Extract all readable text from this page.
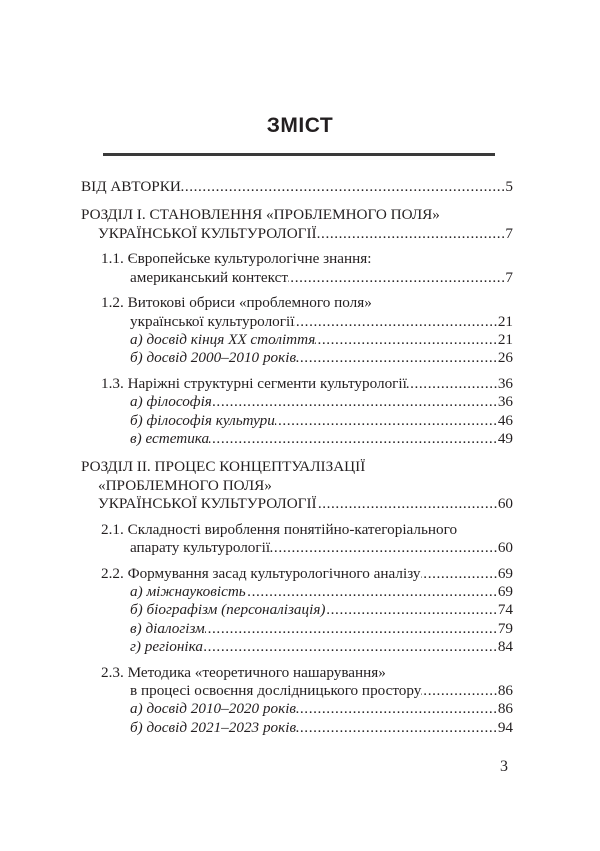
ЗМІСТ
ВІД АВТОРКИ . . .	5
РОЗДІЛ І. СТАНОВЛЕННЯ «ПРОБЛЕМНОГО ПОЛЯ»
УКРАЇНСЬКОЇ КУЛЬТУРОЛОГІЇ . . .	7
1.1. Європейське культурологічне знання:
американський контекст . . .	7
1.2. Витокові обриси «проблемного поля»
української культурології . . .	21
а) досвід кінця ХХ століття . . .	21
б) досвід 2000–2010 років . . .	26
1.3. Наріжні структурні сегменти культурології . . .	36
а) філософія . . .	36
б) філософія культури . . .	46
в) естетика . . .	49
РОЗДІЛ ІІ. ПРОЦЕС КОНЦЕПТУАЛІЗАЦІЇ
«ПРОБЛЕМНОГО ПОЛЯ»
УКРАЇНСЬКОЇ КУЛЬТУРОЛОГІЇ . . .	60
2.1. Складності вироблення понятійно-категоріального
апарату культурології . . .	60
2.2. Формування засад культурологічного аналізу . . .	69
а) міжнауковість . . .	69
б) біографізм (персоналізація) . . .	74
в) діалогізм . . .	79
г) регіоніка . . .	84
2.3. Методика «теоретичного нашарування»
в процесі освоєння дослідницького простору . . .	86
а) досвід 2010–2020 років . . .	86
б) досвід 2021–2023 років . . .	94
3
